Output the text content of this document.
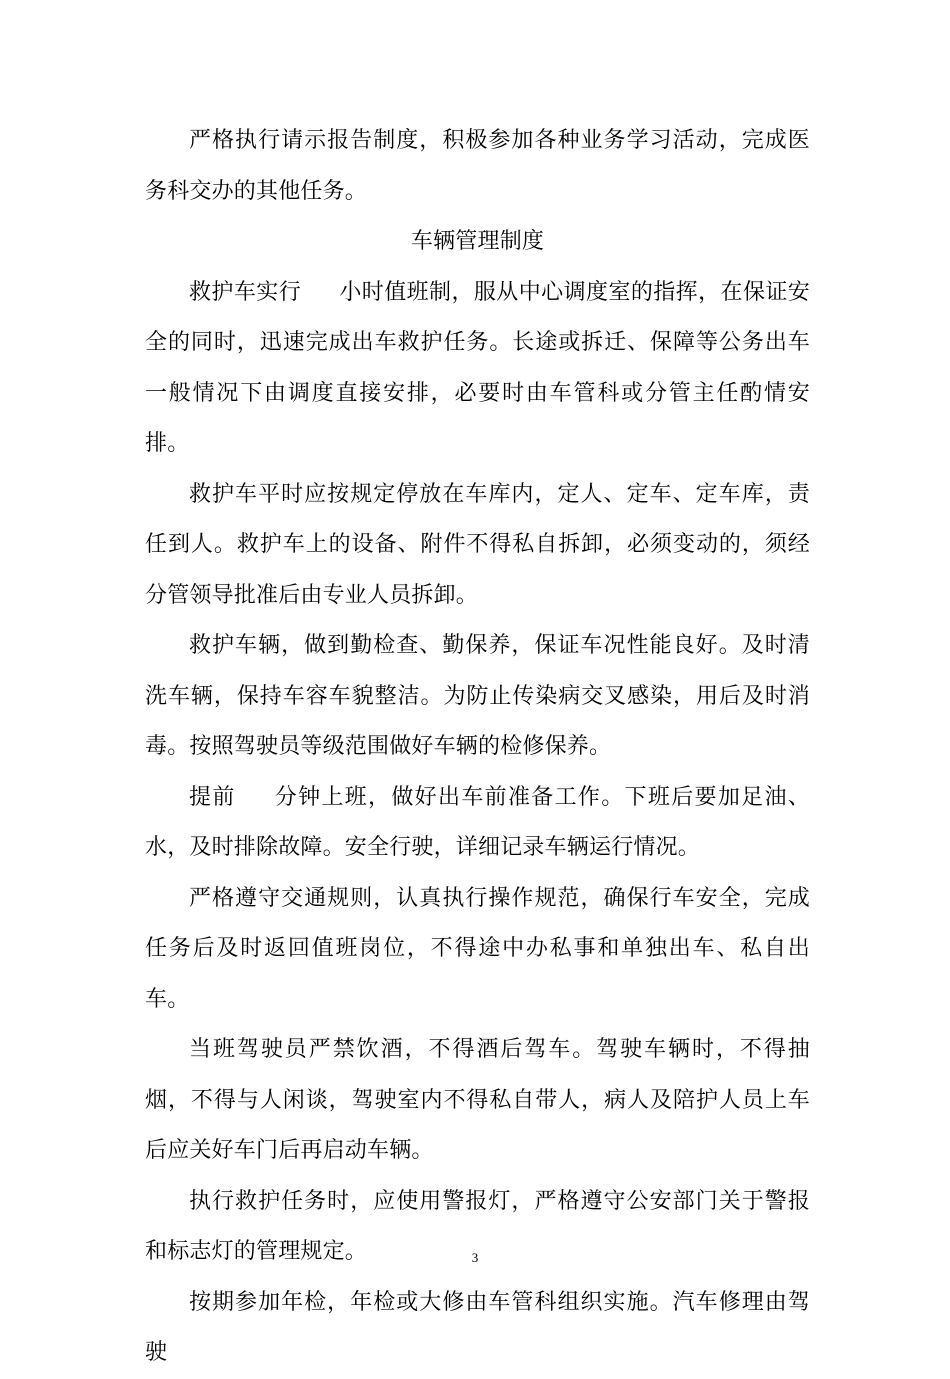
严格执行请示报告制度，积极参加各种业务学习活动，完成医务科交办的其他任务。

车辆管理制度

救护车实行 小时值班制，服从中心调度室的指挥，在保证安全的同时，迅速完成出车救护任务。长途或拆迁、保障等公务出车一般情况下由调度直接安排，必要时由车管科或分管主任酌情安排。

救护车平时应按规定停放在车库内，定人、定车、定车库，责任到人。救护车上的设备、附件不得私自拆卸，必须变动的，须经分管领导批准后由专业人员拆卸。

救护车辆，做到勤检查、勤保养，保证车况性能良好。及时清洗车辆，保持车容车貌整洁。为防止传染病交叉感染，用后及时消毒。按照驾驶员等级范围做好车辆的检修保养。

提前 分钟上班，做好出车前准备工作。下班后要加足油、水，及时排除故障。安全行驶，详细记录车辆运行情况。

严格遵守交通规则，认真执行操作规范，确保行车安全，完成任务后及时返回值班岗位，不得途中办私事和单独出车、私自出车。

当班驾驶员严禁饮酒，不得酒后驾车。驾驶车辆时，不得抽烟，不得与人闲谈，驾驶室内不得私自带人，病人及陪护人员上车后应关好车门后再启动车辆。

执行救护任务时，应使用警报灯，严格遵守公安部门关于警报和标志灯的管理规定。

按期参加年检，年检或大修由车管科组织实施。汽车修理由驾驶

3
